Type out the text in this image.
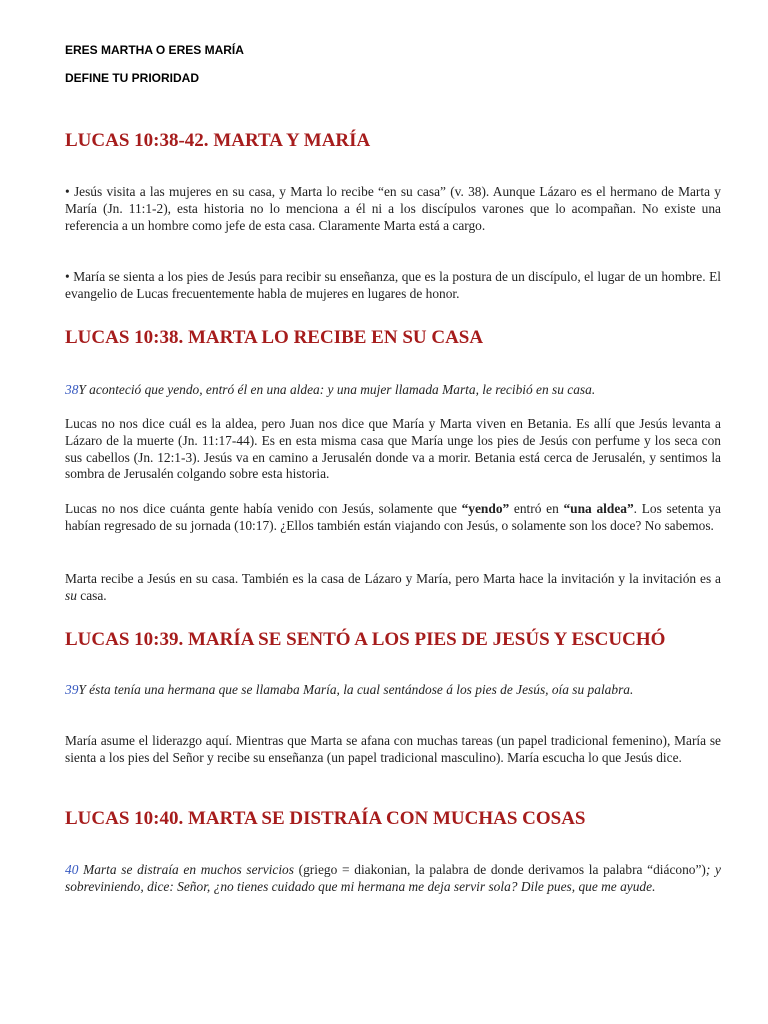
ERES MARTHA O ERES MARÍA

DEFINE TU PRIORIDAD

LUCAS 10:38-42. MARTA Y MARÍA

• Jesús visita a las mujeres en su casa, y Marta lo recibe “en su casa” (v. 38). Aunque Lázaro es el hermano de Marta y María (Jn. 11:1-2), esta historia no lo menciona a él ni a los discípulos varones que lo acompañan. No existe una referencia a un hombre como jefe de esta casa. Claramente Marta está a cargo.

• María se sienta a los pies de Jesús para recibir su enseñanza, que es la postura de un discípulo, el lugar de un hombre. El evangelio de Lucas frecuentemente habla de mujeres en lugares de honor.

LUCAS 10:38. MARTA LO RECIBE EN SU CASA

38Y aconteció que yendo, entró él en una aldea: y una mujer llamada Marta, le recibió en su casa.

Lucas no nos dice cuál es la aldea, pero Juan nos dice que María y Marta viven en Betania. Es allí que Jesús levanta a Lázaro de la muerte (Jn. 11:17-44). Es en esta misma casa que María unge los pies de Jesús con perfume y los seca con sus cabellos (Jn. 12:1-3). Jesús va en camino a Jerusalén donde va a morir. Betania está cerca de Jerusalén, y sentimos la sombra de Jerusalén colgando sobre esta historia.

Lucas no nos dice cuánta gente había venido con Jesús, solamente que “yendo” entró en “una aldea”. Los setenta ya habían regresado de su jornada (10:17). ¿Ellos también están viajando con Jesús, o solamente son los doce? No sabemos.

Marta recibe a Jesús en su casa. También es la casa de Lázaro y María, pero Marta hace la invitación y la invitación es a su casa.

LUCAS 10:39. MARÍA SE SENTÓ A LOS PIES DE JESÚS Y ESCUCHÓ

39Y ésta tenía una hermana que se llamaba María, la cual sentándose á los pies de Jesús, oía su palabra.

María asume el liderazgo aquí. Mientras que Marta se afana con muchas tareas (un papel tradicional femenino), María se sienta a los pies del Señor y recibe su enseñanza (un papel tradicional masculino). María escucha lo que Jesús dice.

LUCAS 10:40. MARTA SE DISTRAÍA CON MUCHAS COSAS

40 Marta se distraía en muchos servicios (griego = diakonian, la palabra de donde derivamos la palabra “diácono”); y sobreviniendo, dice: Señor, ¿no tienes cuidado que mi hermana me deja servir sola? Dile pues, que me ayude.
